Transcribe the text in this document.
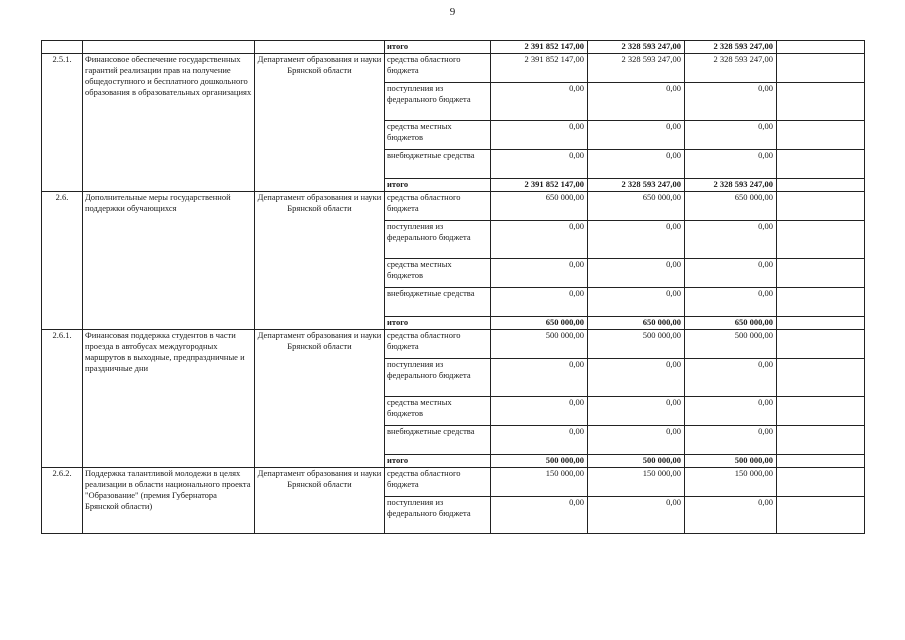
9
			итого	2 391 852 147,00	2 328 593 247,00	2 328 593 247,00	
2.5.1.	Финансовое обеспечение государственных гарантий реализации прав на получение общедоступного и бесплатного дошкольного образования в образовательных организациях	Департамент образования и науки Брянской области	средства областного бюджета	2 391 852 147,00	2 328 593 247,00	2 328 593 247,00	
			поступления из федерального бюджета	0,00	0,00	0,00	
			средства местных бюджетов	0,00	0,00	0,00	
			внебюджетные средства	0,00	0,00	0,00	
			итого	2 391 852 147,00	2 328 593 247,00	2 328 593 247,00	
2.6.	Дополнительные меры государственной поддержки обучающихся	Департамент образования и науки Брянской области	средства областного бюджета	650 000,00	650 000,00	650 000,00	
			поступления из федерального бюджета	0,00	0,00	0,00	
			средства местных бюджетов	0,00	0,00	0,00	
			внебюджетные средства	0,00	0,00	0,00	
			итого	650 000,00	650 000,00	650 000,00	
2.6.1.	Финансовая поддержка студентов в части проезда в автобусах междугородных маршрутов в выходные, предпраздничные и праздничные дни	Департамент образования и науки Брянской области	средства областного бюджета	500 000,00	500 000,00	500 000,00	
			поступления из федерального бюджета	0,00	0,00	0,00	
			средства местных бюджетов	0,00	0,00	0,00	
			внебюджетные средства	0,00	0,00	0,00	
			итого	500 000,00	500 000,00	500 000,00	
2.6.2.	Поддержка талантливой молодежи в целях реализации в области национального проекта "Образование" (премия Губернатора Брянской области)	Департамент образования и науки Брянской области	средства областного бюджета	150 000,00	150 000,00	150 000,00	
			поступления из федерального бюджета	0,00	0,00	0,00	
